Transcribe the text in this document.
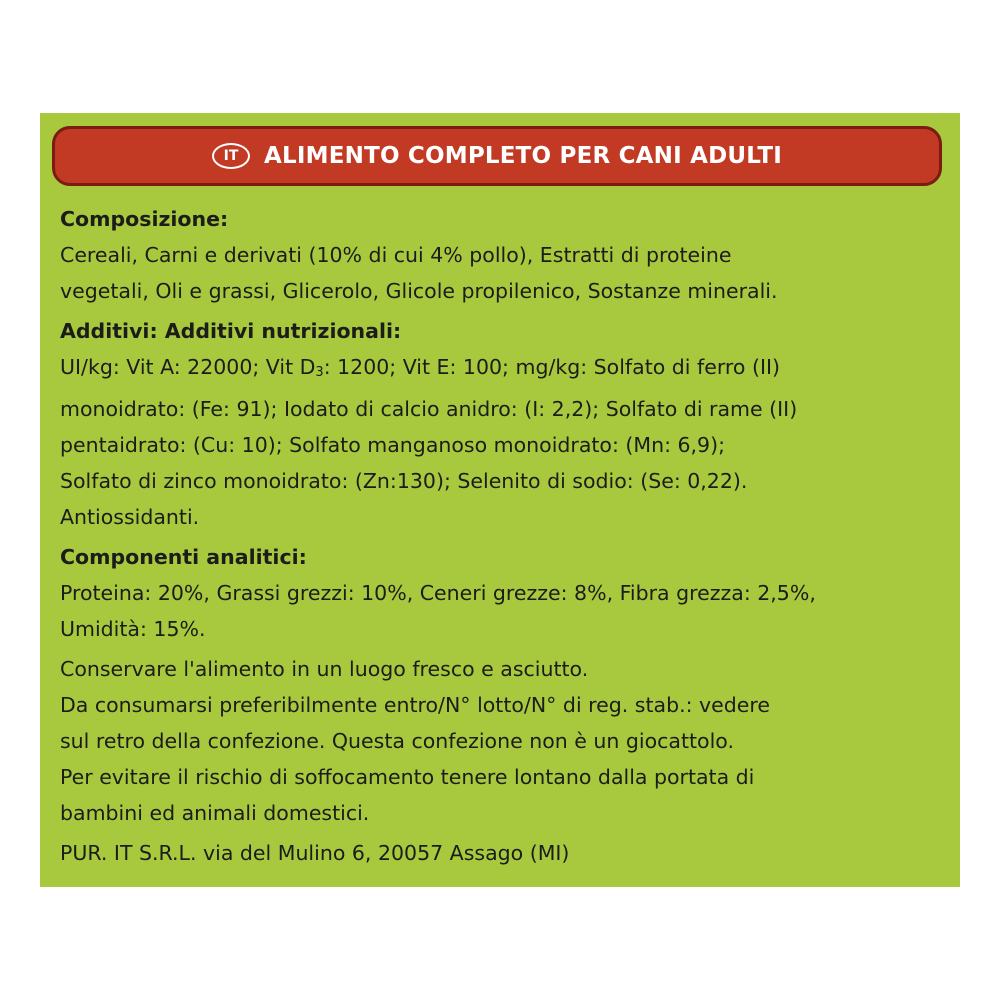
IT	ALIMENTO COMPLETO PER CANI ADULTI
Composizione:
Cereali, Carni e derivati (10% di cui 4% pollo), Estratti di proteine
vegetali, Oli e grassi, Glicerolo, Glicole propilenico, Sostanze minerali.
Additivi: Additivi nutrizionali:
UI/kg: Vit A: 22000; Vit $D_3$: 1200; Vit E: 100; mg/kg: Solfato di ferro (II)
monoidrato: (Fe: 91); Iodato di calcio anidro: (I: 2,2); Solfato di rame (II)
pentaidrato: (Cu: 10); Solfato manganoso monoidrato: (Mn: 6,9);
Solfato di zinco monoidrato: (Zn:130); Selenito di sodio: (Se: 0,22).
Antiossidanti.
Componenti analitici:
Proteina: 20%, Grassi grezzi: 10%, Ceneri grezze: 8%, Fibra grezza: 2,5%,
Umidità: 15%.
Conservare l'alimento in un luogo fresco e asciutto.
Da consumarsi preferibilmente entro/N° lotto/N° di reg. stab.: vedere
sul retro della confezione. Questa confezione non è un giocattolo.
Per evitare il rischio di soffocamento tenere lontano dalla portata di
bambini ed animali domestici.
PUR. IT S.R.L. via del Mulino 6, 20057 Assago (MI)
